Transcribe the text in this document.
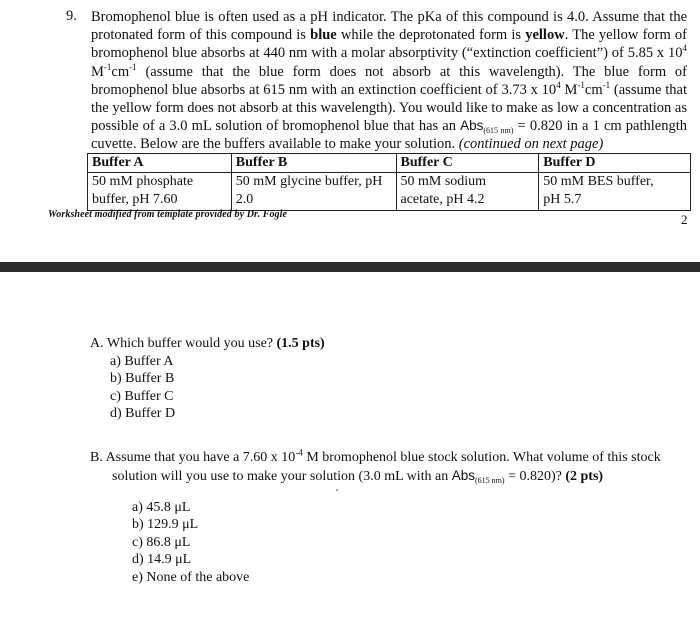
9. Bromophenol blue is often used as a pH indicator. The pKa of this compound is 4.0. Assume that the protonated form of this compound is blue while the deprotonated form is yellow. The yellow form of bromophenol blue absorbs at 440 nm with a molar absorptivity (“extinction coefficient”) of 5.85 x $10^4$ $M^{-1}cm^{-1}$ (assume that the blue form does not absorb at this wavelength). The blue form of bromophenol blue absorbs at 615 nm with an extinction coefficient of 3.73 x $10^4$ $M^{-1}cm^{-1}$ (assume that the yellow form does not absorb at this wavelength). You would like to make as low a concentration as possible of a 3.0 mL solution of bromophenol blue that has an Abs$_{(615 nm)}$ = 0.820 in a 1 cm pathlength cuvette. Below are the buffers available to make your solution. (continued on next page)

Buffer A	Buffer B	Buffer C	Buffer D
50 mM phosphate	50 mM glycine buffer, pH	50 mM sodium	50 mM BES buffer,
buffer, pH 7.60	2.0	acetate, pH 4.2	pH 5.7
Worksheet modified from template provided by Dr. Fogle	2

A. Which buffer would you use? (1.5 pts)

a) Buffer A
b) Buffer B
c) Buffer C
d) Buffer D

B. Assume that you have a 7.60 x $10^{-4}$ M bromophenol blue stock solution. What volume of this stock solution will you use to make your solution (3.0 mL with an Abs$_{(615 nm)}$ = 0.820)? (2 pts)

a) 45.8 μL
b) 129.9 μL
c) 86.8 μL
d) 14.9 μL
e) None of the above
